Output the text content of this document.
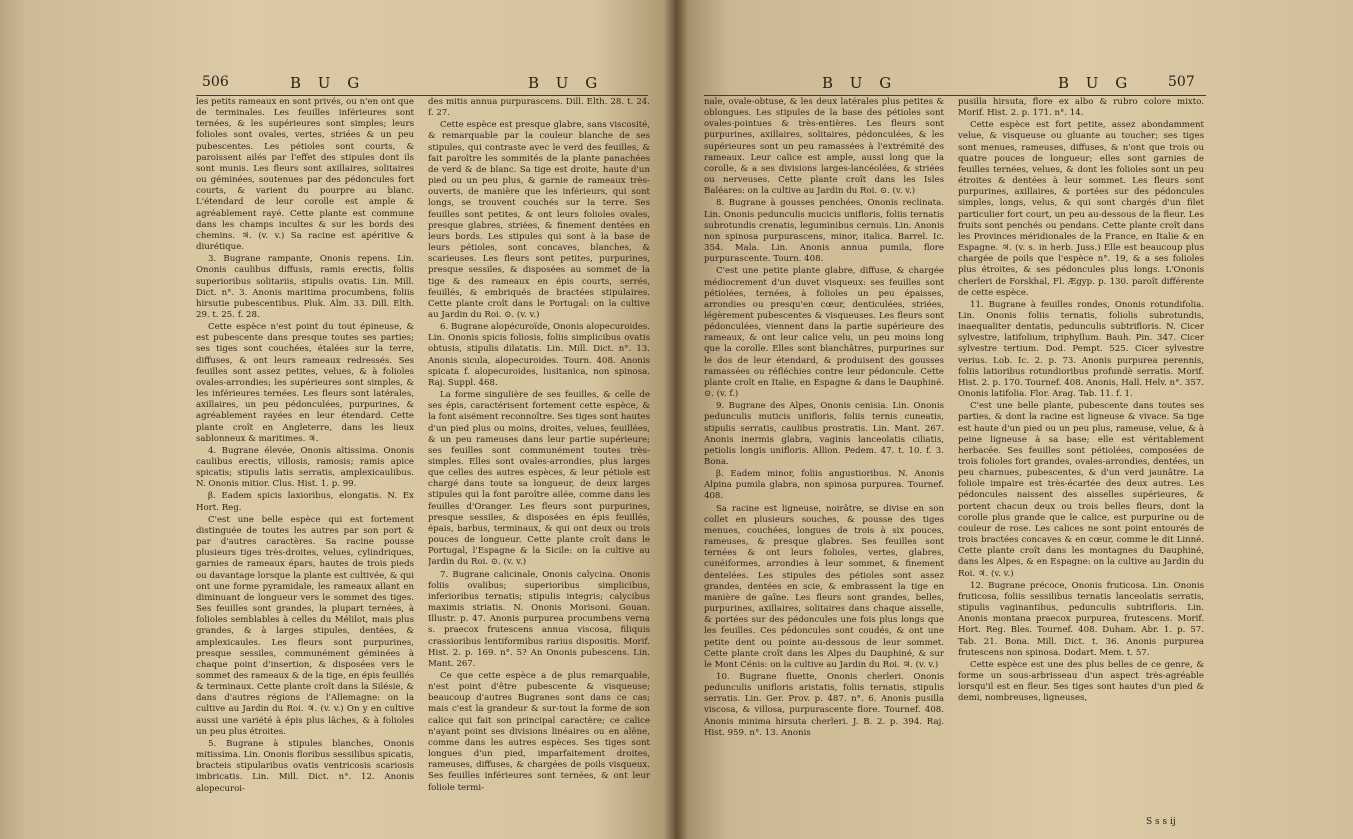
506	B U G	B U G

les petits rameaux en sont privés, ou n'en ont que de terminales. Les feuilles inférieures sont ternées, & les supérieures sont simples; leurs folioles sont ovales, vertes, striées & un peu pubescentes. Les pétioles sont courts, & paroissent ailés par l'effet des stipules dont ils sont munis. Les fleurs sont axillaires, solitaires ou géminées, soutenues par des pédoncules fort courts, & varient du pourpre au blanc. L'étendard de leur corolle est ample & agréablement rayé. Cette plante est commune dans les champs incultes & sur les bords des chemins. ♃. (v. v.) Sa racine est apéritive & diurétique.

3. Bugrane rampante, Ononis repens. Lin. Ononis caulibus diffusis, ramis erectis, foliis superioribus solitariis, stipulis ovatis. Lin. Mill. Dict. n°. 3. Anonis maritima procumbens, foliis hirsutie pubescentibus. Pluk. Alm. 33. Dill. Elth. 29. t. 25. f. 28.

Cette espèce n'est point du tout épineuse, & est pubescente dans presque toutes ses parties; ses tiges sont couchées, étalées sur la terre, diffuses, & ont leurs rameaux redressés. Ses feuilles sont assez petites, velues, & à folioles ovales-arrondies; les supérieures sont simples, & les inférieures ternées. Les fleurs sont latérales, axillaires, un peu pédonculées, purpurines, & agréablement rayées en leur étendard. Cette plante croît en Angleterre, dans les lieux sablonneux & maritimes. ♃.

4. Bugrane élevée, Ononis altissima. Ononis caulibus erectis, villosis, ramosis; ramis apice spicatis; stipulis latis serratis, amplexicaulibus. N. Ononis mitior. Clus. Hist. 1. p. 99.

β. Eadem spicis laxioribus, elongatis. N. Ex Hort. Reg.

C'est une belle espèce qui est fortement distinguée de toutes les autres par son port & par d'autres caractères. Sa racine pousse plusieurs tiges très-droites, velues, cylindriques, garnies de rameaux épars, hautes de trois pieds ou davantage lorsque la plante est cultivée, & qui ont une forme pyramidale, les rameaux allant en diminuant de longueur vers le sommet des tiges. Ses feuilles sont grandes, la plupart ternées, à folioles semblables à celles du Mélilot, mais plus grandes, & à larges stipules, dentées, & amplexicaules. Les fleurs sont purpurines, presque sessiles, communément géminées à chaque point d'insertion, & disposées vers le sommet des rameaux & de la tige, en épis feuillés & terminaux. Cette plante croît dans la Silésie, & dans d'autres régions de l'Allemagne: on la cultive au Jardin du Roi. ♃. (v. v.) On y en cultive aussi une variété à épis plus lâches, & à folioles un peu plus étroites.

5. Bugrane à stipules blanches, Ononis mitissima. Lin. Ononis floribus sessilibus spicatis, bracteis stipularibus ovatis ventricosis scariosis imbricatis. Lin. Mill. Dict. n°. 12. Anonis alopecuroi-

des mitis annua purpurascens. Dill. Elth. 28. t. 24. f. 27.

Cette espèce est presque glabre, sans viscosité, & remarquable par la couleur blanche de ses stipules, qui contraste avec le verd des feuilles, & fait paroître les sommités de la plante panachées de verd & de blanc. Sa tige est droite, haute d'un pied ou un peu plus, & garnie de rameaux très-ouverts, de manière que les inférieurs, qui sont longs, se trouvent couchés sur la terre. Ses feuilles sont petites, & ont leurs folioles ovales, presque glabres, striées, & finement dentées en leurs bords. Les stipules qui sont à la base de leurs pétioles, sont concaves, blanches, & scarieuses. Les fleurs sont petites, purpurines, presque sessiles, & disposées au sommet de la tige & des rameaux en épis courts, serrés, feuillés, & embriqués de bractées stipulaires. Cette plante croît dans le Portugal: on la cultive au Jardin du Roi. ⊙. (v. v.)

6. Bugrane alopécuroïde, Ononis alopecuroides. Lin. Ononis spicis foliosis, foliis simplicibus ovatis obtusis, stipulis dilatatis. Lin. Mill. Dict. n°. 13. Anonis sicula, alopecuroides. Tourn. 408. Anonis spicata f. alopecuroides, lusitanica, non spinosa. Raj. Suppl. 468.

La forme singulière de ses feuilles, & celle de ses épis, caractérisent fortement cette espèce, & la font aisément reconnoître. Ses tiges sont hautes d'un pied plus ou moins, droites, velues, feuillées, & un peu rameuses dans leur partie supérieure; ses feuilles sont communément toutes très-simples. Elles sont ovales-arrondies, plus larges que celles des autres espèces, & leur pétiole est chargé dans toute sa longueur, de deux larges stipules qui la font paroître ailée, comme dans les feuilles d'Oranger. Les fleurs sont purpurines, presque sessiles, & disposées en épis feuillés, épais, barbus, terminaux, & qui ont deux ou trois pouces de longueur. Cette plante croît dans le Portugal, l'Espagne & la Sicile: on la cultive au Jardin du Roi. ⊙. (v. v.)

7. Bugrane calicinale, Ononis calycina. Ononis foliis ovalibus; superioribus simplicibus, inferioribus ternatis; stipulis integris; calycibus maximis striatis. N. Ononis Morisoni. Gouan. Illustr. p. 47. Anonis purpurea procumbens verna s. praecox frutescens annua viscosa, filiquis crassioribus lentiformibus rarius dispositis. Morif. Hist. 2. p. 169. n°. 5? An Ononis pubescens. Lin. Mant. 267.

Ce que cette espèce a de plus remarquable, n'est point d'être pubescente & visqueuse; beaucoup d'autres Bugranes sont dans ce cas; mais c'est la grandeur & sur-tout la forme de son calice qui fait son principal caractère; ce calice n'ayant point ses divisions linéaires ou en alêne, comme dans les autres espèces. Ses tiges sont longues d'un pied, imparfaitement droites, rameuses, diffuses, & chargées de poils visqueux. Ses feuilles inférieures sont ternées, & ont leur foliole termi-

B U G	B U G 507

nale, ovale-obtuse, & les deux latérales plus petites & oblongues. Les stipules de la base des pétioles sont ovales-pointues & très-entières. Les fleurs sont purpurines, axillaires, solitaires, pédonculées, & les supérieures sont un peu ramassées à l'extrémité des rameaux. Leur calice est ample, aussi long que la corolle, & a ses divisions larges-lancéolées, & striées ou nerveuses. Cette plante croît dans les Isles Baléares: on la cultive au Jardin du Roi. ⊙. (v. v.)

8. Bugrane à gousses penchées, Ononis reclinata. Lin. Ononis pedunculis mucicis unifloris, foliis ternatis subrotundis crenatis, leguminibus cernuis. Lin. Anonis non spinosa purpurascens, minor, italica. Barrel. Ic. 354. Mala. Lin. Anonis annua pumila, flore purpurascente. Tourn. 408.

C'est une petite plante glabre, diffuse, & chargée médiocrement d'un duvet visqueux: ses feuilles sont pétiolées, ternées, à folioles un peu épaisses, arrondies ou presqu'en cœur, denticulées, striées, légèrement pubescentes & visqueuses. Les fleurs sont pédonculées, viennent dans la partie supérieure des rameaux, & ont leur calice velu, un peu moins long que la corolle. Elles sont blanchâtres, purpurines sur le dos de leur étendard, & produisent des gousses ramassées ou réfléchies contre leur pédoncule. Cette plante croît en Italie, en Espagne & dans le Dauphiné. ⊙. (v. f.)

9. Bugrane des Alpes, Ononis cenisia. Lin. Ononis pedunculis muticis unifloris, foliis ternis cuneatis, stipulis serratis, caulibus prostratis. Lin. Mant. 267. Anonis inermis glabra, vaginis lanceolatis ciliatis, petiolis longis unifloris. Allion. Pedem. 47. t. 10. f. 3. Bona.

β. Eadem minor, foliis angustioribus. N. Anonis Alpina pumila glabra, non spinosa purpurea. Tournef. 408.

Sa racine est ligneuse, noirâtre, se divise en son collet en plusieurs souches, & pousse des tiges menues, couchées, longues de trois à six pouces, rameuses, & presque glabres. Ses feuilles sont ternées & ont leurs folioles, vertes, glabres, cunéiformes, arrondies à leur sommet, & finement dentelées. Les stipules des pétioles sont assez grandes, dentées en scie, & embrassent la tige en manière de gaîne. Les fleurs sont grandes, belles, purpurines, axillaires, solitaires dans chaque aisselle, & portées sur des pédoncules une fois plus longs que les feuilles. Ces pédoncules sont coudés, & ont une petite dent ou pointe au-dessous de leur sommet. Cette plante croît dans les Alpes du Dauphiné, & sur le Mont Cénis: on la cultive au Jardin du Roi. ♃. (v. v.)

10. Bugrane fluette, Ononis cherleri. Ononis pedunculis unifloris aristatis, foliis ternatis, stipulis serratis. Lin. Ger. Prov. p. 487. n°. 6. Anonis pusilla viscosa, & villosa, purpurascente flore. Tournef. 408. Anonis minima hirsuta cherleri. J. B. 2. p. 394. Raj. Hist. 959. n°. 13. Anonis

pusilla hirsuta, flore ex albo & rubro colore mixto. Morif. Hist. 2. p. 171. n°. 14.

Cette espèce est fort petite, assez abondamment velue, & visqueuse ou gluante au toucher; ses tiges sont menues, rameuses, diffuses, & n'ont que trois ou quatre pouces de longueur; elles sont garnies de feuilles ternées, velues, & dont les folioles sont un peu étroites & dentées à leur sommet. Les fleurs sont purpurines, axillaires, & portées sur des pédoncules simples, longs, velus, & qui sont chargés d'un filet particulier fort court, un peu au-dessous de la fleur. Les fruits sont penchés ou pendans. Cette plante croît dans les Provinces méridionales de la France, en Italie & en Espagne. ♃. (v. s. in herb. Juss.) Elle est beaucoup plus chargée de poils que l'espèce n°. 19, & a ses folioles plus étroites, & ses pédoncules plus longs. L'Ononis cherleri de Forskhal, Fl. Ægyp. p. 130. paroît différente de cette espèce.

11. Bugrane à feuilles rondes, Ononis rotundifolia. Lin. Ononis foliis ternatis, foliolis subrotundis, inaequaliter dentatis, pedunculis subtrifloris. N. Cicer sylvestre, latifolium, triphyllum. Bauh. Pin. 347. Cicer sylvestre tertium. Dod. Pempt. 525. Cicer sylvestre verius. Lob. Ic. 2. p. 73. Anonis purpurea perennis, foliis latioribus rotundioribus profundè serratis. Morif. Hist. 2. p. 170. Tournef. 408. Anonis, Hall. Helv. n°. 357. Ononis latifolia. Flor. Arag. Tab. 11. f. 1.

C'est une belle plante, pubescente dans toutes ses parties, & dont la racine est ligneuse & vivace. Sa tige est haute d'un pied ou un peu plus, rameuse, velue, & à peine ligneuse à sa base; elle est véritablement herbacée. Ses feuilles sont pétiolées, composées de trois folioles fort grandes, ovales-arrondies, dentées, un peu charnues, pubescentes, & d'un verd jaunâtre. La foliole impaire est très-écartée des deux autres. Les pédoncules naissent des aisselles supérieures, & portent chacun deux ou trois belles fleurs, dont la corolle plus grande que le calice, est purpurine ou de couleur de rose. Les calices ne sont point entourés de trois bractées concaves & en cœur, comme le dit Linné. Cette plante croît dans les montagnes du Dauphiné, dans les Alpes, & en Espagne: on la cultive au Jardin du Roi. ♃. (v. v.)

12. Bugrane précoce, Ononis fruticosa. Lin. Ononis fruticosa, foliis sessilibus ternatis lanceolatis serratis, stipulis vaginantibus, pedunculis subtrifloris. Lin. Anonis montana praecox purpurea, frutescens. Morif. Hort. Reg. Bles. Tournef. 408. Duham. Abr. 1. p. 57. Tab. 21. Bona. Mill. Dict. t. 36. Anonis purpurea frutescens non spinosa. Dodart. Mem. t. 57.

Cette espèce est une des plus belles de ce genre, & forme un sous-arbrisseau d'un aspect très-agréable lorsqu'il est en fleur. Ses tiges sont hautes d'un pied & demi, nombreuses, ligneuses,

S s s ij
